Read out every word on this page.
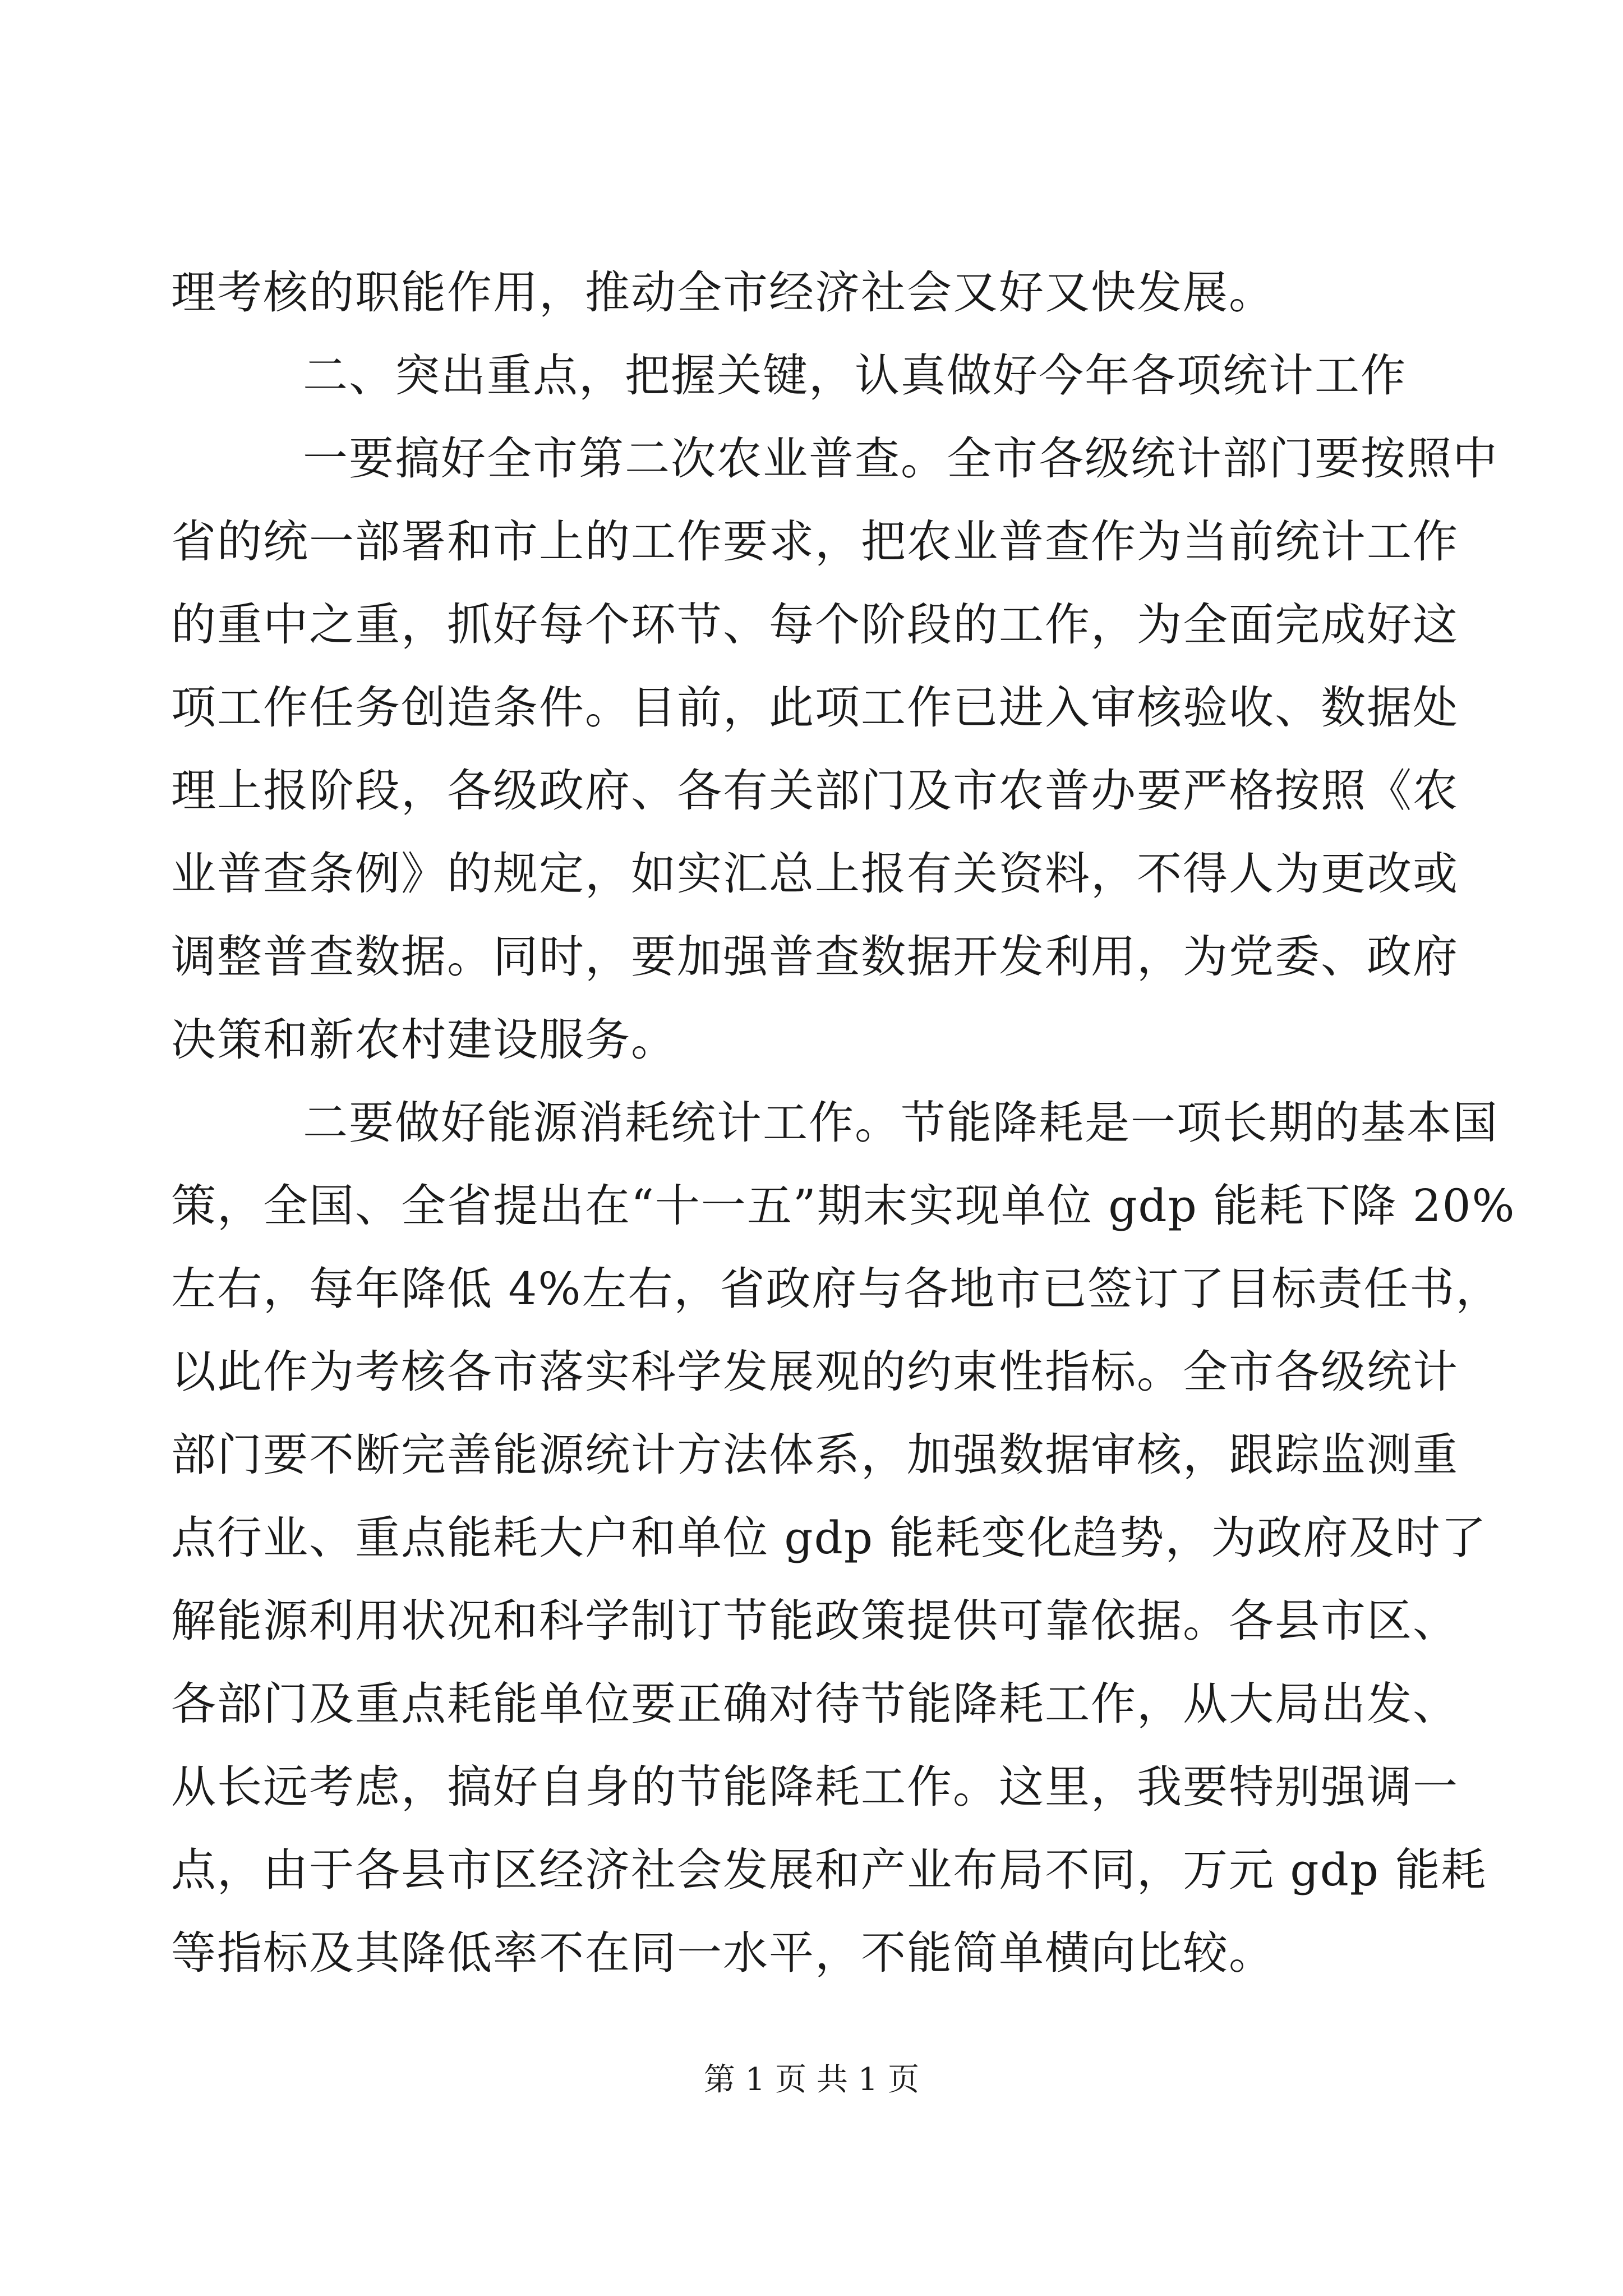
理考核的职能作用，推动全市经济社会又好又快发展。
二、突出重点，把握关键，认真做好今年各项统计工作
一要搞好全市第二次农业普查。全市各级统计部门要按照中
省的统一部署和市上的工作要求，把农业普查作为当前统计工作
的重中之重，抓好每个环节、每个阶段的工作，为全面完成好这
项工作任务创造条件。目前，此项工作已进入审核验收、数据处
理上报阶段，各级政府、各有关部门及市农普办要严格按照《农
业普查条例》的规定，如实汇总上报有关资料，不得人为更改或
调整普查数据。同时，要加强普查数据开发利用，为党委、政府
决策和新农村建设服务。
二要做好能源消耗统计工作。节能降耗是一项长期的基本国
策，全国、全省提出在“十一五”期末实现单位 gdp 能耗下降 20%
左右，每年降低 4%左右，省政府与各地市已签订了目标责任书，
以此作为考核各市落实科学发展观的约束性指标。全市各级统计
部门要不断完善能源统计方法体系，加强数据审核，跟踪监测重
点行业、重点能耗大户和单位 gdp 能耗变化趋势，为政府及时了
解能源利用状况和科学制订节能政策提供可靠依据。各县市区、
各部门及重点耗能单位要正确对待节能降耗工作，从大局出发、
从长远考虑，搞好自身的节能降耗工作。这里，我要特别强调一
点，由于各县市区经济社会发展和产业布局不同，万元 gdp 能耗
等指标及其降低率不在同一水平，不能简单横向比较。
第 1 页 共 1 页
